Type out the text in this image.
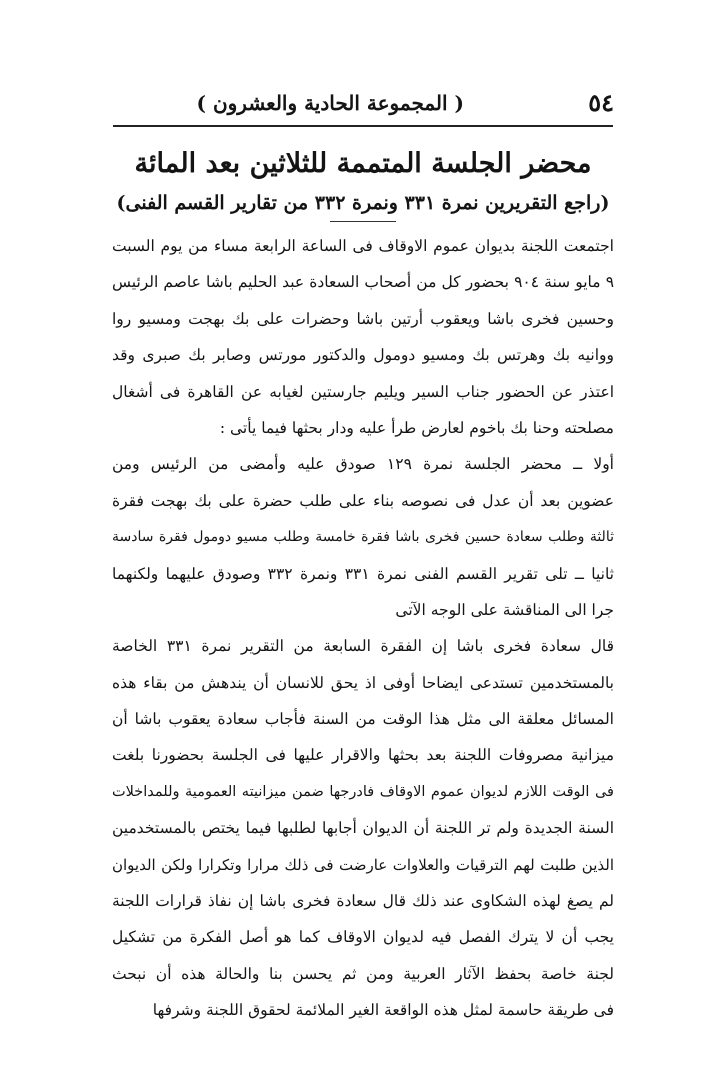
٥٤
( المجموعة الحادية والعشرون )
محضر الجلسة المتممة للثلاثين بعد المائة
(راجع التقريرين نمرة ٣٣١ ونمرة ٣٣٢ من تقارير القسم الفنى)
اجتمعت اللجنة بديوان عموم الاوقاف فى الساعة الرابعة مساء من يوم السبت
٩ مايو سنة ٩٠٤ بحضور كل من أصحاب السعادة عبد الحليم باشا عاصم الرئيس
وحسين فخرى باشا ويعقوب أرتين باشا وحضرات على بك بهجت ومسيو روا
ووانيه بك وهرتس بك ومسيو دومول والدكتور مورتس وصابر بك صبرى وقد
اعتذر عن الحضور جناب السير ويليم جارستين لغيابه عن القاهرة فى أشغال
مصلحته وحنا بك باخوم لعارض طرأ عليه ودار بحثها فيما يأتى :
أولا ــ محضر الجلسة نمرة ١٢٩ صودق عليه وأمضى من الرئيس ومن
عضوين بعد أن عدل فى نصوصه بناء على طلب حضرة على بك بهجت فقرة
ثالثة وطلب سعادة حسين فخرى باشا فقرة خامسة وطلب مسيو دومول فقرة سادسة
ثانيا ــ تلى تقرير القسم الفنى نمرة ٣٣١ ونمرة ٣٣٢ وصودق عليهما ولكنهما
جرا الى المناقشة على الوجه الآتى
قال سعادة فخرى باشا إن الفقرة السابعة من التقرير نمرة ٣٣١ الخاصة
بالمستخدمين تستدعى ايضاحا أوفى اذ يحق للانسان أن يندهش من بقاء هذه
المسائل معلقة الى مثل هذا الوقت من السنة فأجاب سعادة يعقوب باشا أن
ميزانية مصروفات اللجنة بعد بحثها والاقرار عليها فى الجلسة بحضورنا بلغت
فى الوقت اللازم لديوان عموم الاوقاف فادرجها ضمن ميزانيته العمومية وللمداخلات
السنة الجديدة ولم تر اللجنة أن الديوان أجابها لطلبها فيما يختص بالمستخدمين
الذين طلبت لهم الترقيات والعلاوات عارضت فى ذلك مرارا وتكرارا ولكن الديوان
لم يصغ لهذه الشكاوى عند ذلك قال سعادة فخرى باشا إن نفاذ قرارات اللجنة
يجب أن لا يترك الفصل فيه لديوان الاوقاف كما هو أصل الفكرة من تشكيل
لجنة خاصة بحفظ الآثار العربية ومن ثم يحسن بنا والحالة هذه أن نبحث
فى طريقة حاسمة لمثل هذه الواقعة الغير الملائمة لحقوق اللجنة وشرفها
